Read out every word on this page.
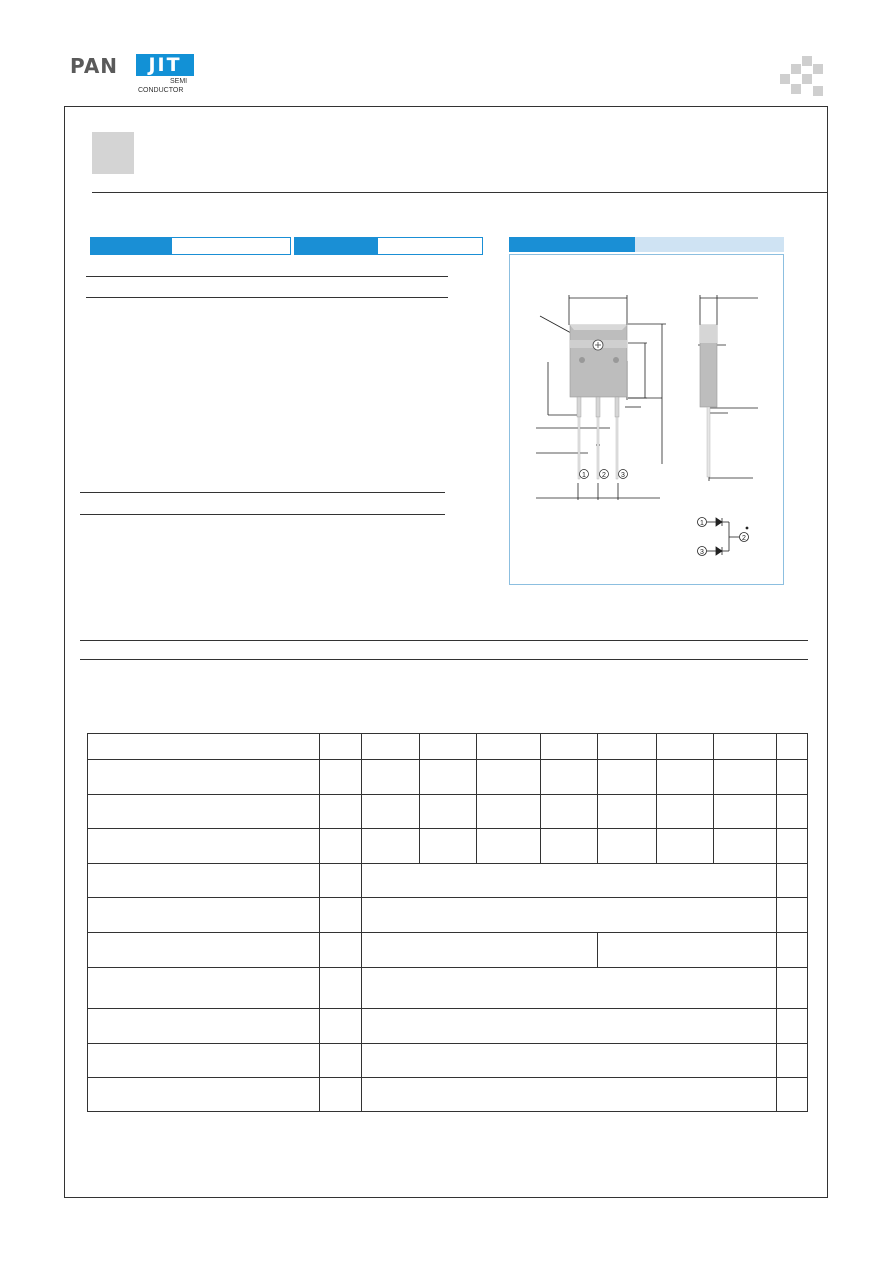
PAN	JIT
SEMI
CONDUCTOR
1 2 3
1
3
2
